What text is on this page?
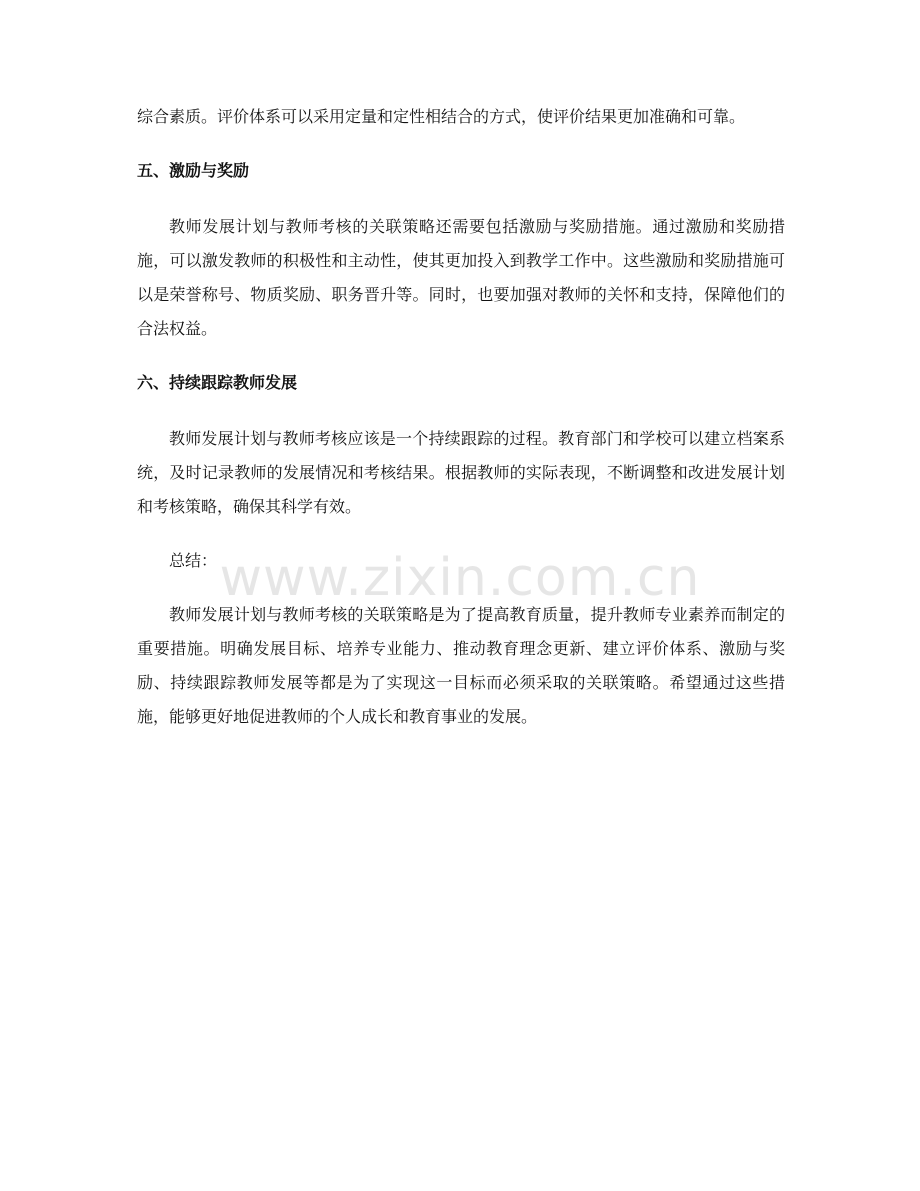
综合素质。评价体系可以采用定量和定性相结合的方式，使评价结果更加准确和可靠。

五、激励与奖励

教师发展计划与教师考核的关联策略还需要包括激励与奖励措施。通过激励和奖励措施，可以激发教师的积极性和主动性，使其更加投入到教学工作中。这些激励和奖励措施可以是荣誉称号、物质奖励、职务晋升等。同时，也要加强对教师的关怀和支持，保障他们的合法权益。

六、持续跟踪教师发展

教师发展计划与教师考核应该是一个持续跟踪的过程。教育部门和学校可以建立档案系统，及时记录教师的发展情况和考核结果。根据教师的实际表现，不断调整和改进发展计划和考核策略，确保其科学有效。

总结：

教师发展计划与教师考核的关联策略是为了提高教育质量，提升教师专业素养而制定的重要措施。明确发展目标、培养专业能力、推动教育理念更新、建立评价体系、激励与奖励、持续跟踪教师发展等都是为了实现这一目标而必须采取的关联策略。希望通过这些措施，能够更好地促进教师的个人成长和教育事业的发展。

www.zixin.com.cn
